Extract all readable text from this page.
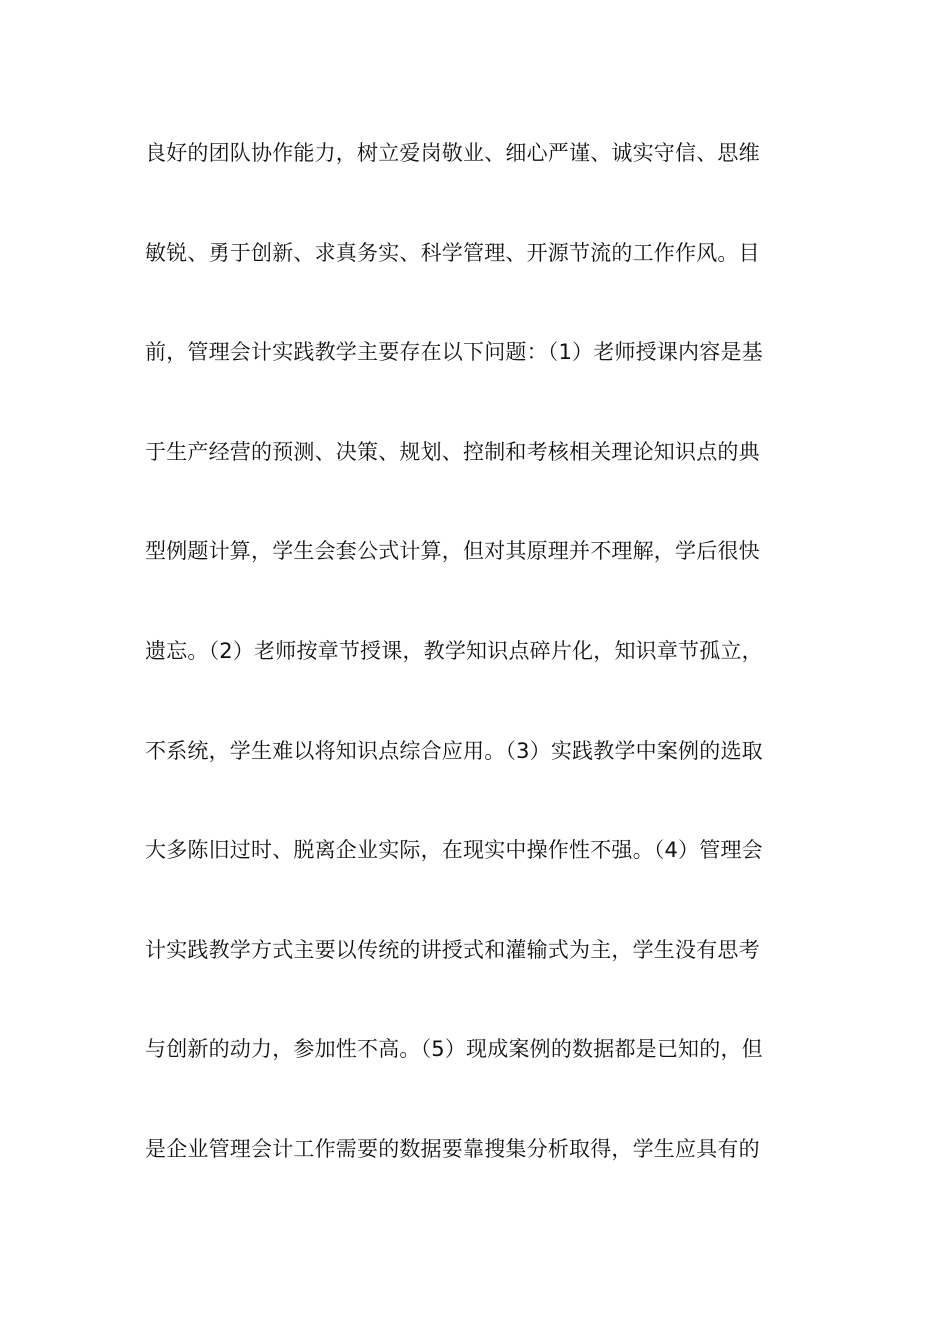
良好的团队协作能力，树立爱岗敬业、细心严谨、诚实守信、思维
敏锐、勇于创新、求真务实、科学管理、开源节流的工作作风。目
前，管理会计实践教学主要存在以下问题：（1）老师授课内容是基
于生产经营的预测、决策、规划、控制和考核相关理论知识点的典
型例题计算，学生会套公式计算，但对其原理并不理解，学后很快
遗忘。（2）老师按章节授课，教学知识点碎片化，知识章节孤立，
不系统，学生难以将知识点综合应用。（3）实践教学中案例的选取
大多陈旧过时、脱离企业实际，在现实中操作性不强。（4）管理会
计实践教学方式主要以传统的讲授式和灌输式为主，学生没有思考
与创新的动力，参加性不高。（5）现成案例的数据都是已知的，但
是企业管理会计工作需要的数据要靠搜集分析取得，学生应具有的
